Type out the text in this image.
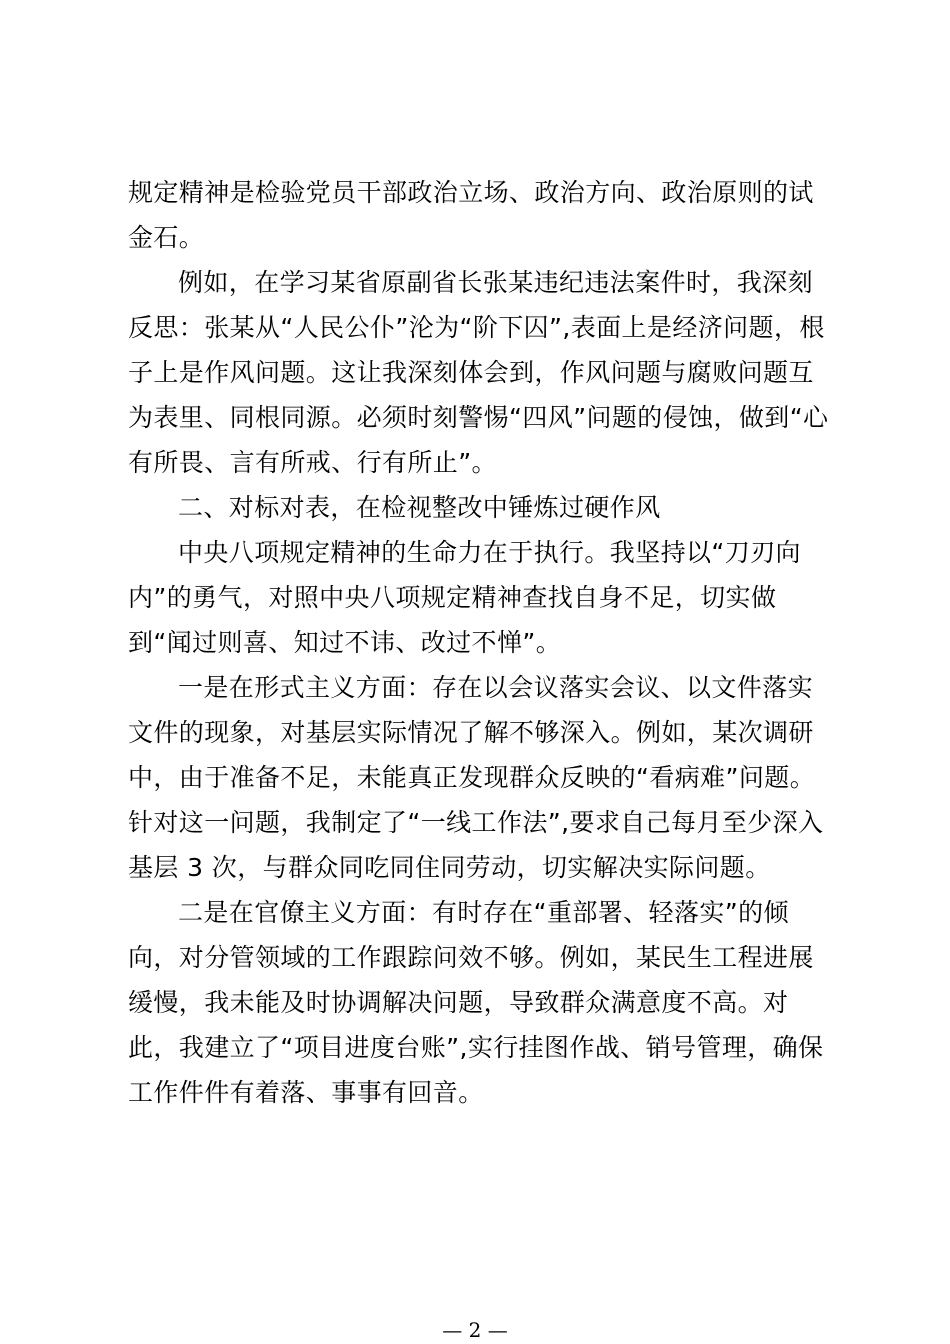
规定精神是检验党员干部政治立场、政治方向、政治原则的试
金石。

例如，在学习某省原副省长张某违纪违法案件时，我深刻
反思：张某从“人民公仆”沦为“阶下囚”,表面上是经济问题，根
子上是作风问题。这让我深刻体会到，作风问题与腐败问题互
为表里、同根同源。必须时刻警惕“四风”问题的侵蚀，做到“心
有所畏、言有所戒、行有所止”。

二、对标对表，在检视整改中锤炼过硬作风

中央八项规定精神的生命力在于执行。我坚持以“刀刃向
内”的勇气，对照中央八项规定精神查找自身不足，切实做
到“闻过则喜、知过不讳、改过不惮”。

一是在形式主义方面：存在以会议落实会议、以文件落实
文件的现象，对基层实际情况了解不够深入。例如，某次调研
中，由于准备不足，未能真正发现群众反映的“看病难”问题。
针对这一问题，我制定了“一线工作法”,要求自己每月至少深入
基层 3 次，与群众同吃同住同劳动，切实解决实际问题。

二是在官僚主义方面：有时存在“重部署、轻落实”的倾
向，对分管领域的工作跟踪问效不够。例如，某民生工程进展
缓慢，我未能及时协调解决问题，导致群众满意度不高。对
此，我建立了“项目进度台账”,实行挂图作战、销号管理，确保
工作件件有着落、事事有回音。

— 2 —
